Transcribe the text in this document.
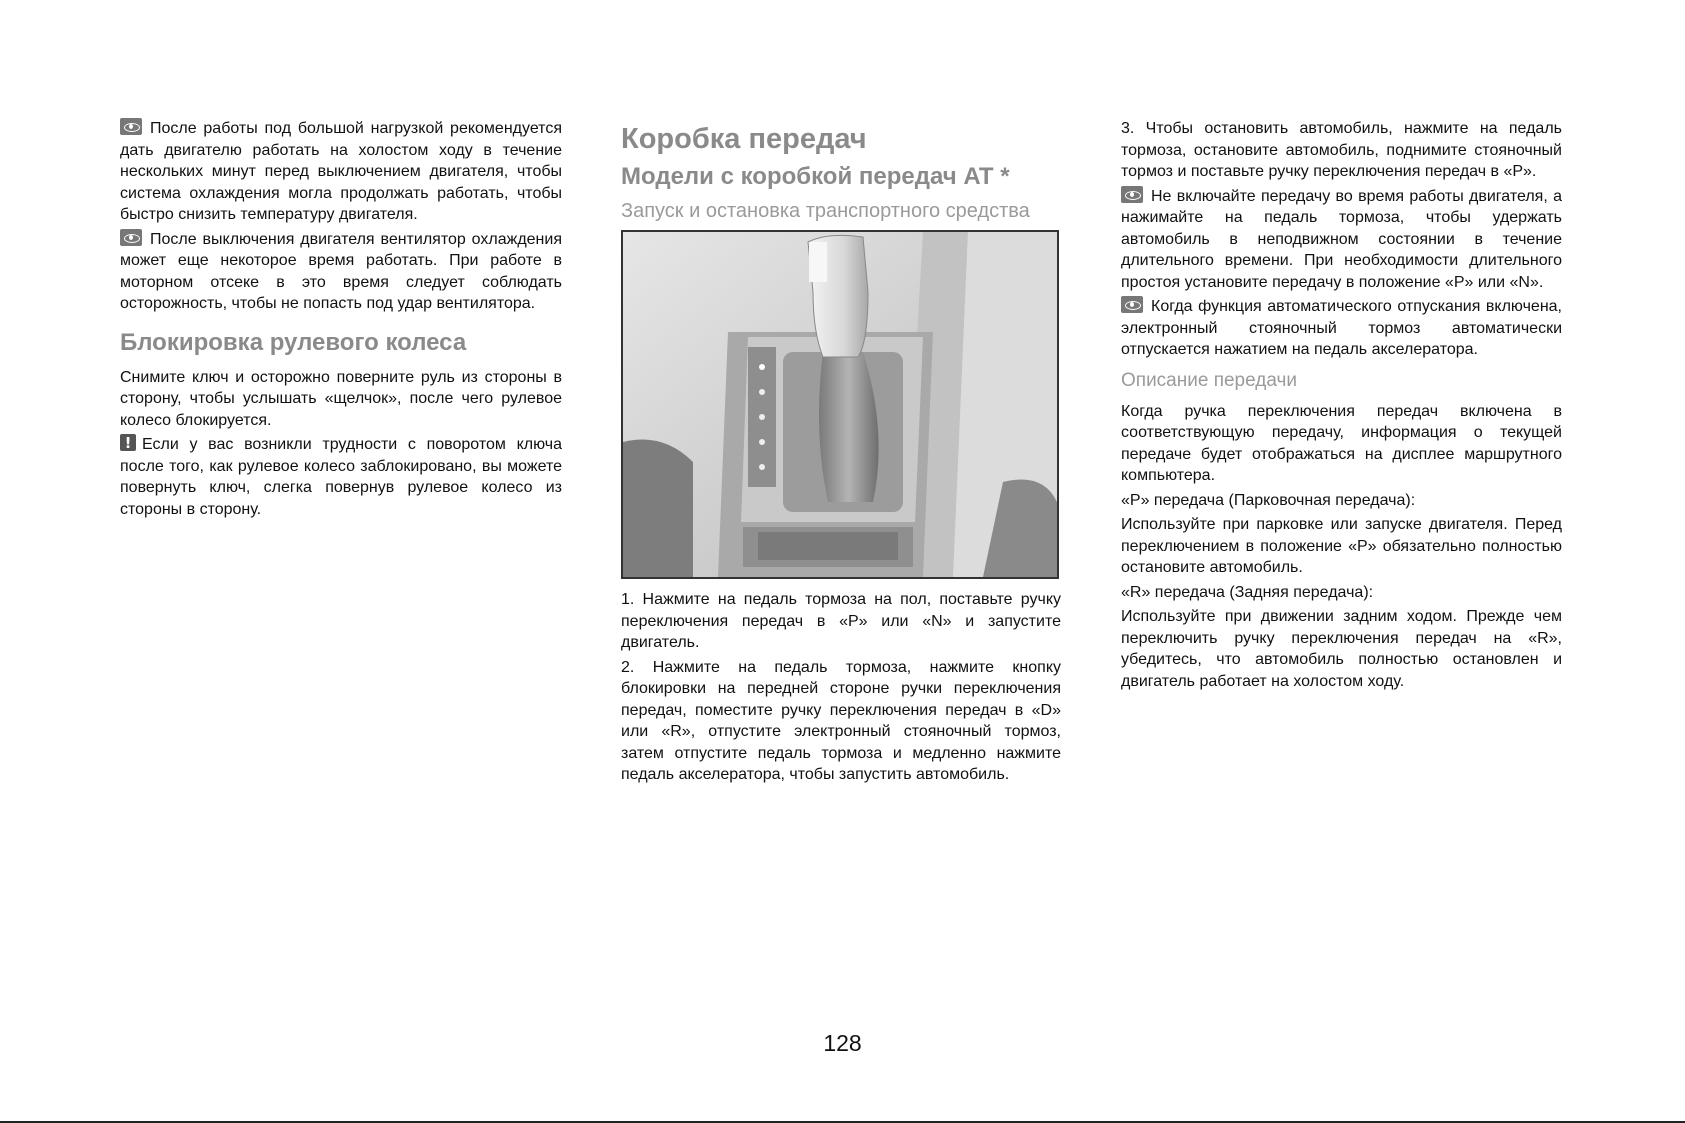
После работы под большой нагрузкой рекомендуется дать двигателю работать на холостом ходу в течение нескольких минут перед выключением двигателя, чтобы система охлаждения могла продолжать работать, чтобы быстро снизить температуру двигателя.

После выключения двигателя вентилятор охлаждения может еще некоторое время работать. При работе в моторном отсеке в это время следует соблюдать осторожность, чтобы не попасть под удар вентилятора.

Блокировка рулевого колеса

Снимите ключ и осторожно поверните руль из стороны в сторону, чтобы услышать «щелчок», после чего рулевое колесо блокируется.

!Если у вас возникли трудности с поворотом ключа после того, как рулевое колесо заблокировано, вы можете повернуть ключ, слегка повернув рулевое колесо из стороны в сторону.

Коробка передач
Модели с коробкой передач AT *
Запуск и остановка транспортного средства

1. Нажмите на педаль тормоза на пол, поставьте ручку переключения передач в «P» или «N» и запустите двигатель.

2. Нажмите на педаль тормоза, нажмите кнопку блокировки на передней стороне ручки переключения передач, поместите ручку переключения передач в «D» или «R», отпустите электронный стояночный тормоз, затем отпустите педаль тормоза и медленно нажмите педаль акселератора, чтобы запустить автомобиль.

3. Чтобы остановить автомобиль, нажмите на педаль тормоза, остановите автомобиль, поднимите стояночный тормоз и поставьте ручку переключения передач в «P».

Не включайте передачу во время работы двигателя, а нажимайте на педаль тормоза, чтобы удержать автомобиль в неподвижном состоянии в течение длительного времени. При необходимости длительного простоя установите передачу в положение «P» или «N».

Когда функция автоматического отпускания включена, электронный стояночный тормоз автоматически отпускается нажатием на педаль акселератора.

Описание передачи

Когда ручка переключения передач включена в соответствующую передачу, информация о текущей передаче будет отображаться на дисплее маршрутного компьютера.

«P» передача (Парковочная передача):

Используйте при парковке или запуске двигателя. Перед переключением в положение «P» обязательно полностью остановите автомобиль.

«R» передача (Задняя передача):

Используйте при движении задним ходом. Прежде чем переключить ручку переключения передач на «R», убедитесь, что автомобиль полностью остановлен и двигатель работает на холостом ходу.

128
